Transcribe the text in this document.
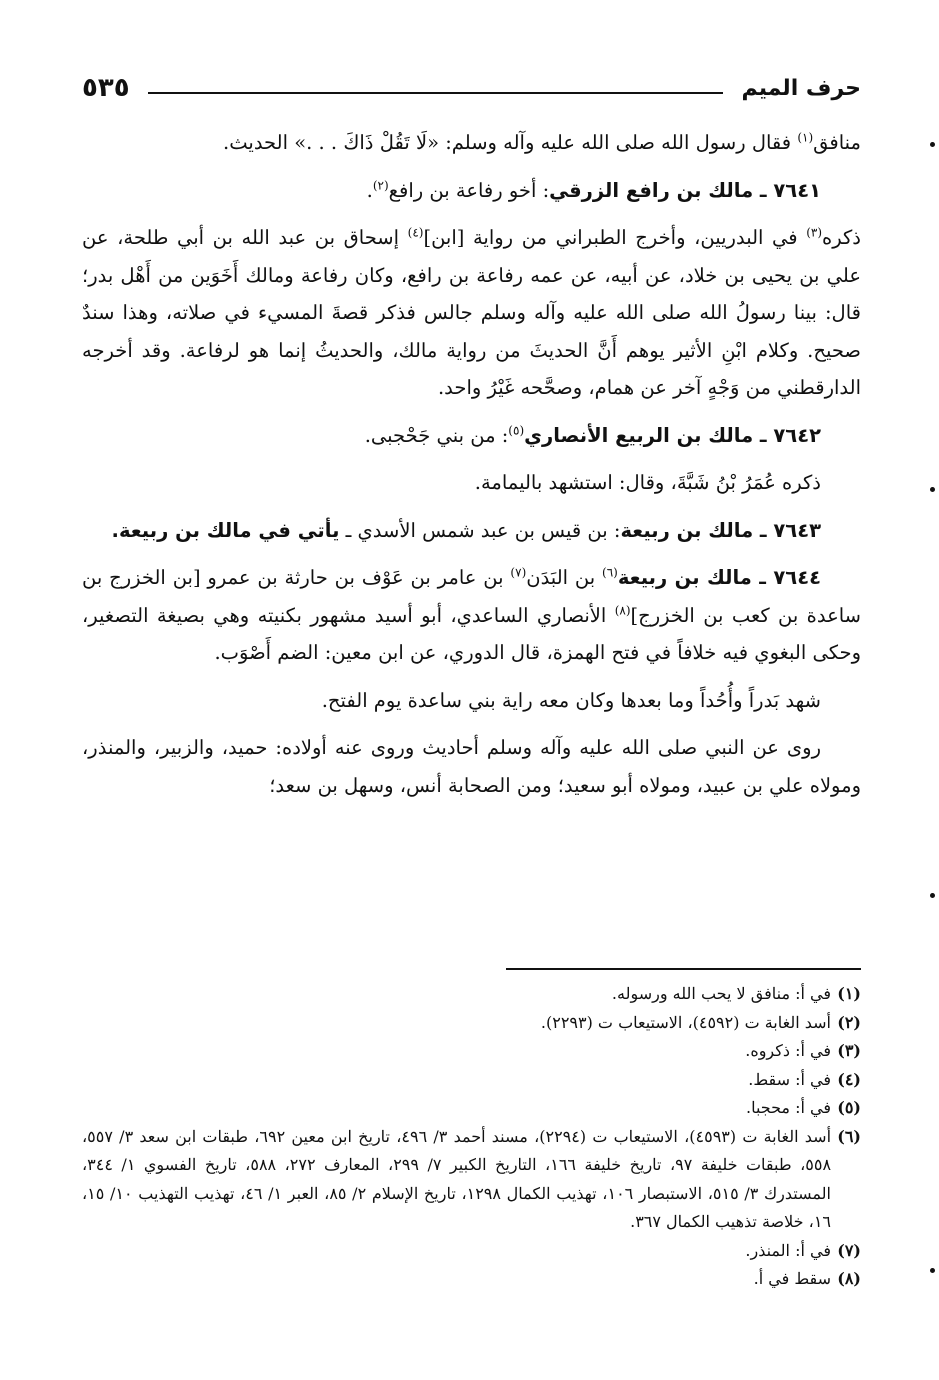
٥٣٥	حرف الميم

منافق$^{(١)}$ فقال رسول الله صلى الله عليه وآله وسلم: «لَا تَقُلْ ذَاكَ . . .» الحديث.

٧٦٤١ ـ مالك بن رافع الزرقي: أخو رفاعة بن رافع$^{(٢)}$.

ذكره$^{(٣)}$ في البدريين، وأخرج الطبراني من رواية [ابن]$^{(٤)}$ إسحاق بن عبد الله بن أبي طلحة، عن علي بن يحيى بن خلاد، عن أبيه، عن عمه رفاعة بن رافع، وكان رفاعة ومالك أَخَوَين من أَهْل بدر؛ قال: بينا رسولُ الله صلى الله عليه وآله وسلم جالس فذكر قصةَ المسيء في صلاته، وهذا سندٌ صحيح. وكلام ابْنِ الأثير يوهم أَنَّ الحديثَ من رواية مالك، والحديثُ إنما هو لرفاعة. وقد أخرجه الدارقطني من وَجْهٍ آخر عن همام، وصحَّحه غَيْرُ واحد.

٧٦٤٢ ـ مالك بن الربيع الأنصاري$^{(٥)}$: من بني جَحْجبى.

ذكره عُمَرُ بْنُ شَبَّةَ، وقال: استشهد باليمامة.

٧٦٤٣ ـ مالك بن ربيعة: بن قيس بن عبد شمس الأسدي ـ يأتي في مالك بن ربيعة.

٧٦٤٤ ـ مالك بن ربيعة$^{(٦)}$ بن البَدَن$^{(٧)}$ بن عامر بن عَوْف بن حارثة بن عمرو [بن الخزرج بن ساعدة بن كعب بن الخزرج]$^{(٨)}$ الأنصاري الساعدي، أبو أسيد مشهور بكنيته وهي بصيغة التصغير، وحكى البغوي فيه خلافاً في فتح الهمزة، قال الدوري، عن ابن معين: الضم أَصْوَب.

شهد بَدراً وأُحُداً وما بعدها وكان معه راية بني ساعدة يوم الفتح.

روى عن النبي صلى الله عليه وآله وسلم أحاديث وروى عنه أولاده: حميد، والزبير، والمنذر، ومولاه علي بن عبيد، ومولاه أبو سعيد؛ ومن الصحابة أنس، وسهل بن سعد؛

(١)
في أ: منافق لا يحب الله ورسوله.
(٢)
أسد الغابة ت (٤٥٩٢)، الاستيعاب ت (٢٢٩٣).
(٣)
في أ: ذكروه.
(٤)
في أ: سقط.
(٥)
في أ: محجبا.
(٦)
أسد الغابة ت (٤٥٩٣)، الاستيعاب ت (٢٢٩٤)، مسند أحمد ٣/ ٤٩٦، تاريخ ابن معين ٦٩٢، طبقات ابن سعد ٣/ ٥٥٧، ٥٥٨، طبقات خليفة ٩٧، تاريخ خليفة ١٦٦، التاريخ الكبير ٧/ ٢٩٩، المعارف ٢٧٢، ٥٨٨، تاريخ الفسوي ١/ ٣٤٤، المستدرك ٣/ ٥١٥، الاستبصار ١٠٦، تهذيب الكمال ١٢٩٨، تاريخ الإسلام ٢/ ٨٥، العبر ١/ ٤٦، تهذيب التهذيب ١٠/ ١٥، ١٦، خلاصة تذهيب الكمال ٣٦٧.
(٧)
في أ: المنذر.
(٨)
سقط في أ.
